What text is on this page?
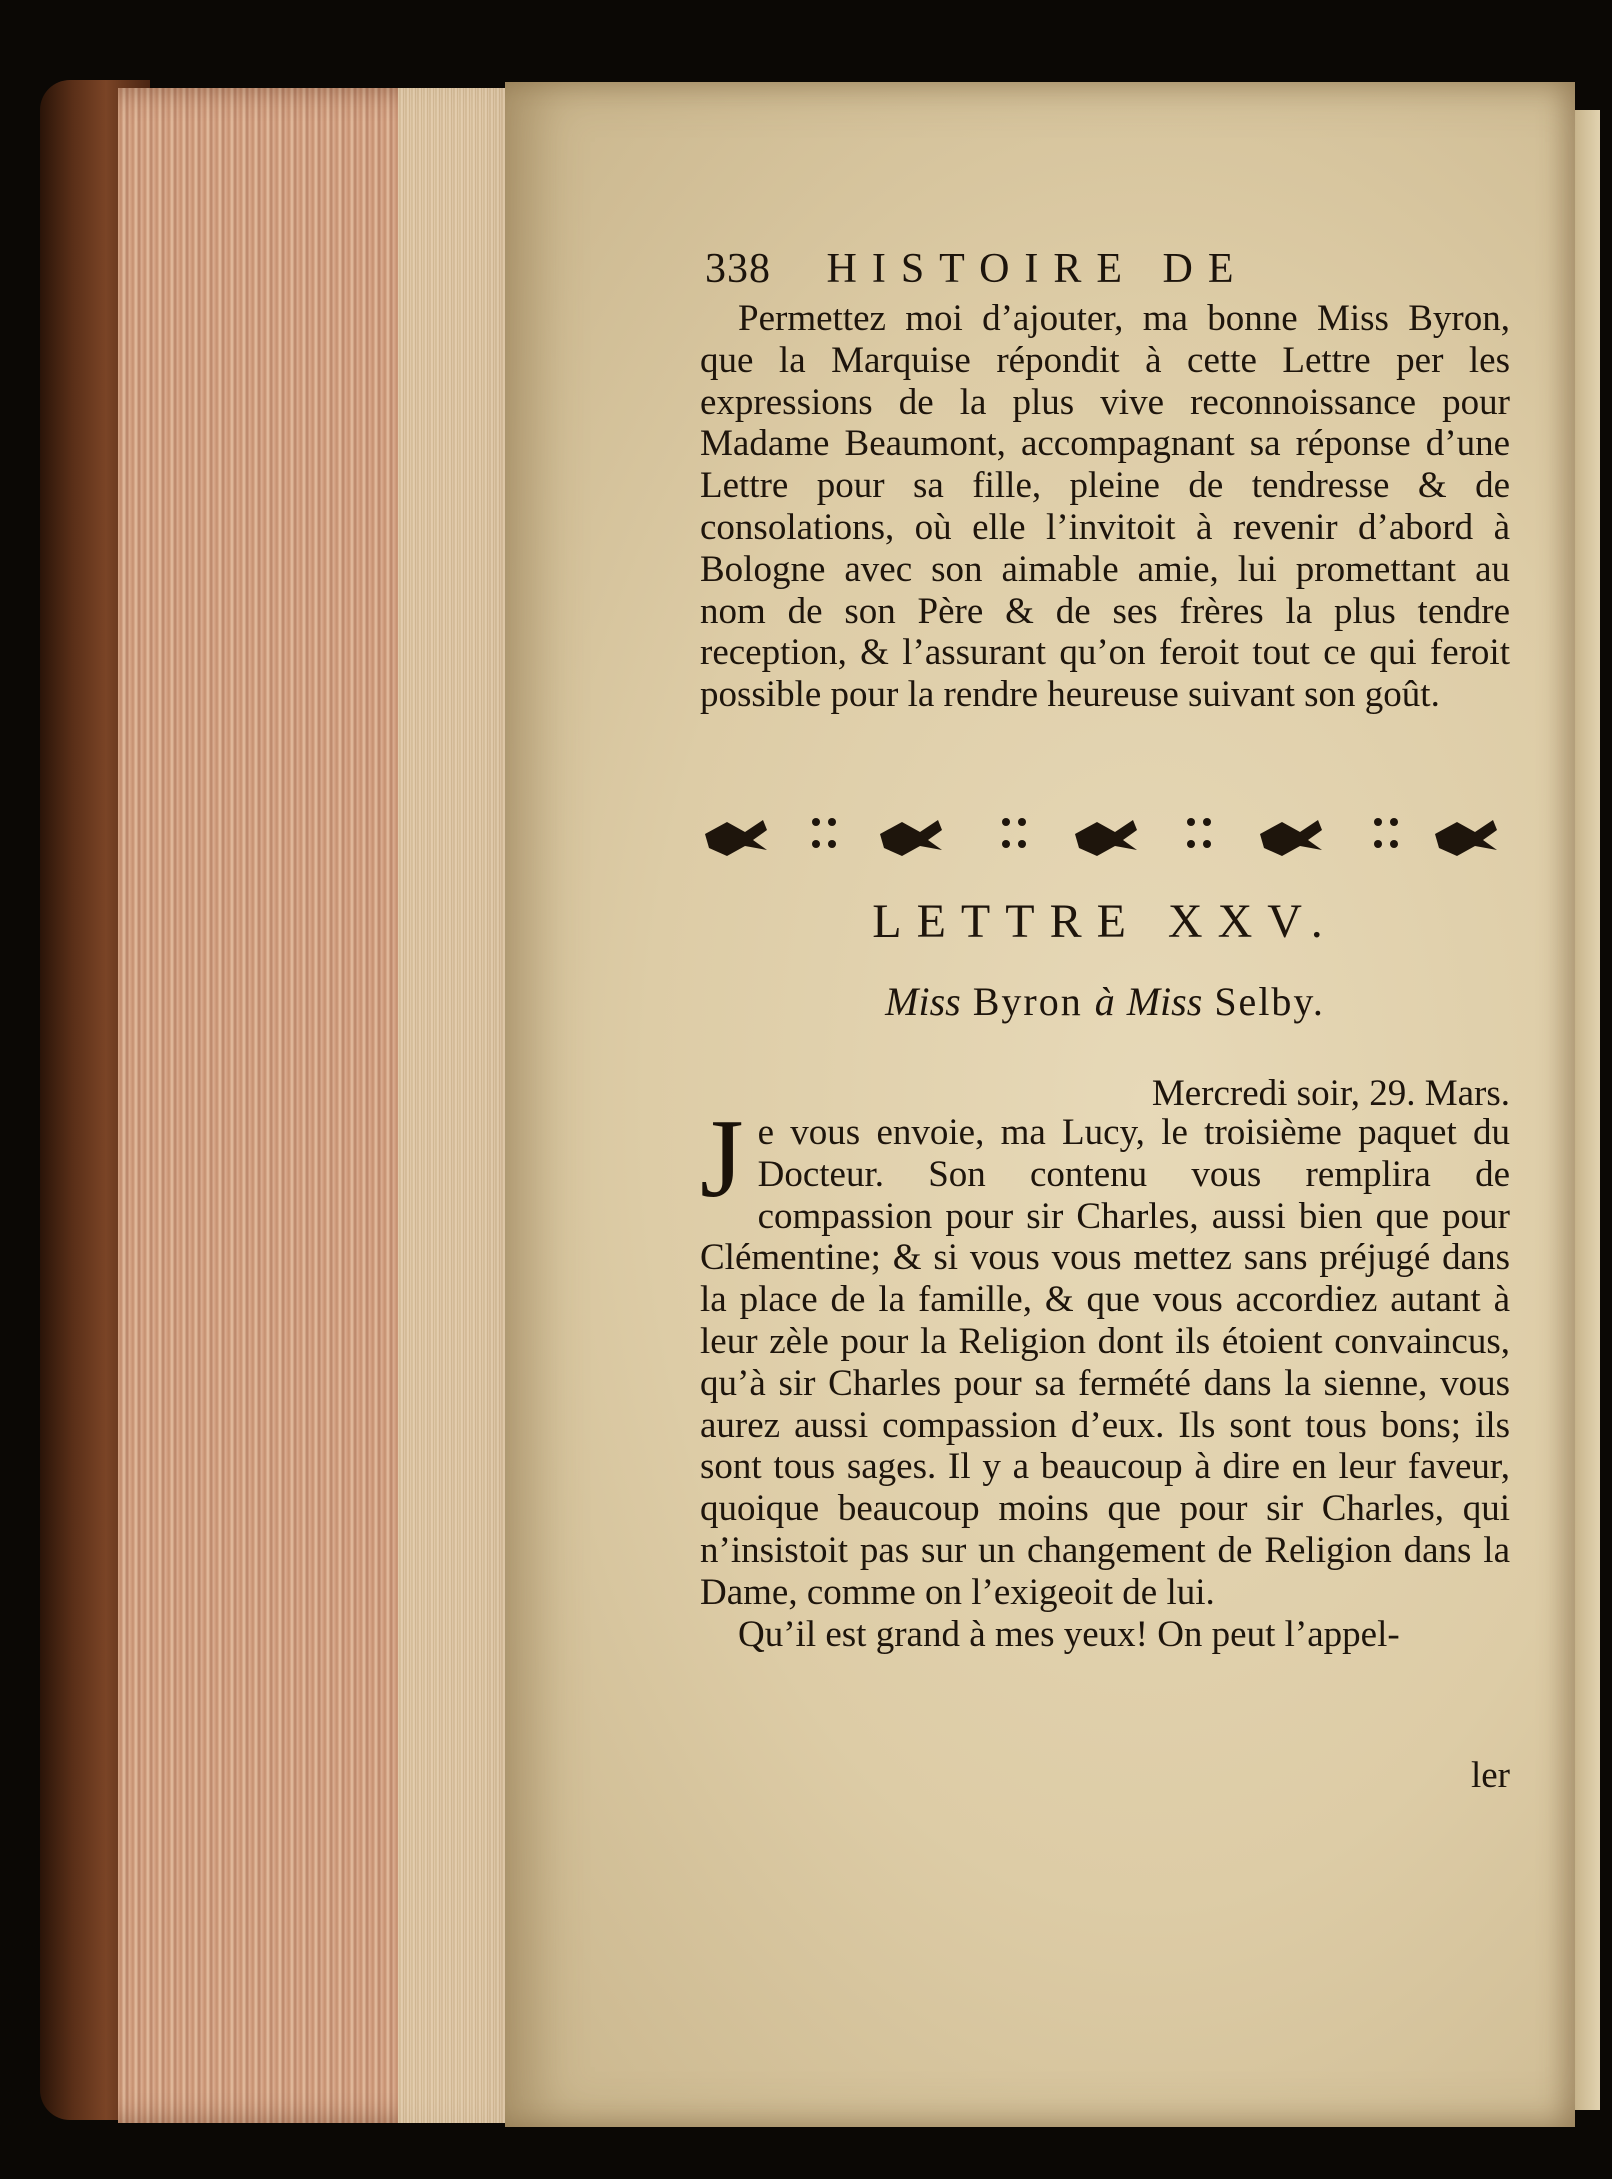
338 HISTOIRE DE

Permettez moi d’ajouter, ma bonne Miss Byron, que la Marquise répondit à cette Lettre per les expressions de la plus vive reconnoissance pour Madame Beaumont, accompagnant sa réponse d’une Lettre pour sa fille, pleine de tendresse & de consolations, où elle l’invitoit à revenir d’abord à Bologne avec son aimable amie, lui promettant au nom de son Père & de ses frères la plus tendre reception, & l’assurant qu’on feroit tout ce qui feroit possible pour la rendre heureuse suivant son goût.

LETTRE XXV.
Miss Byron à Miss Selby.
Mercredi soir, 29. Mars.

Je vous envoie, ma Lucy, le troisième paquet du Docteur. Son contenu vous remplira de compassion pour sir Charles, aussi bien que pour Clémentine; & si vous vous mettez sans préjugé dans la place de la famille, & que vous accordiez autant à leur zèle pour la Religion dont ils étoient convaincus, qu’à sir Charles pour sa fermété dans la sienne, vous aurez aussi compassion d’eux. Ils sont tous bons; ils sont tous sages. Il y a beaucoup à dire en leur faveur, quoique beaucoup moins que pour sir Charles, qui n’insistoit pas sur un changement de Religion dans la Dame, comme on l’exigeoit de lui.

Qu’il est grand à mes yeux! On peut l’appel-

ler
